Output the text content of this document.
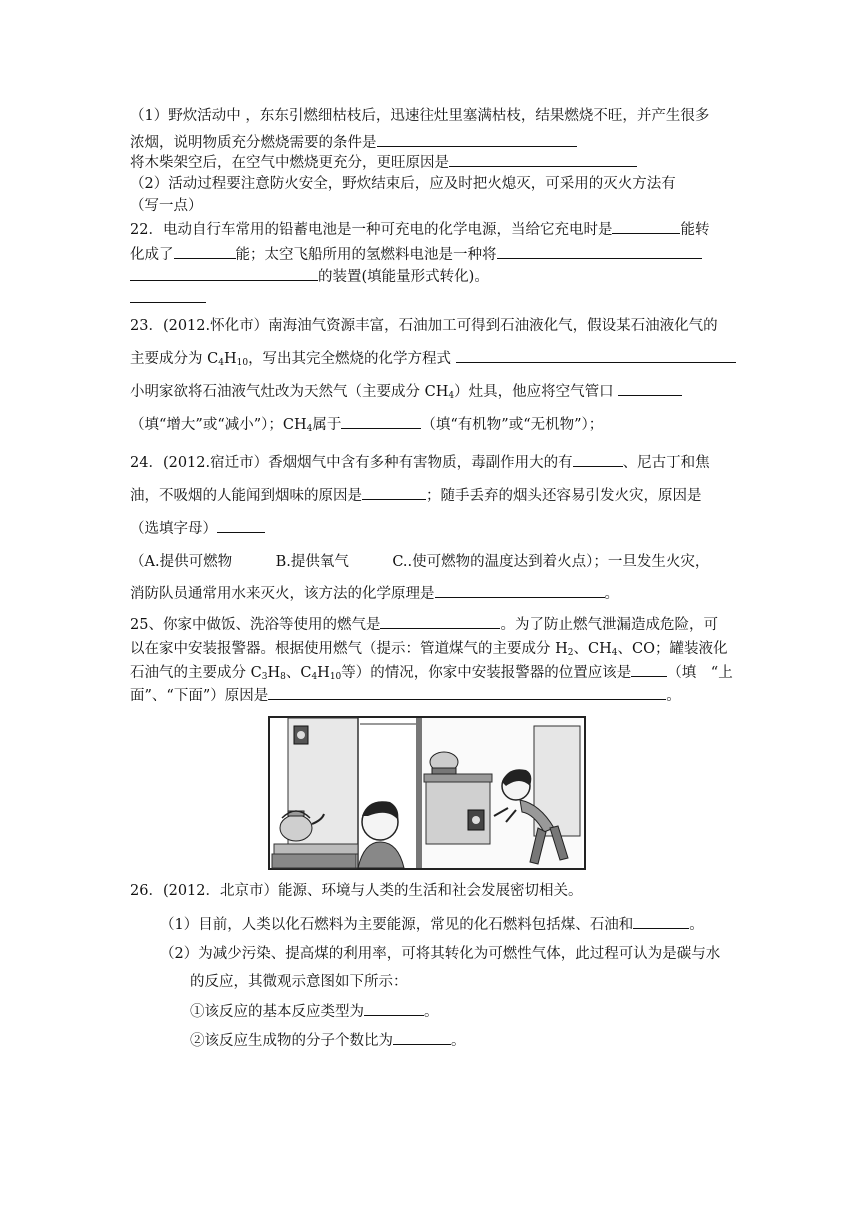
（1）野炊活动中 ，东东引燃细枯枝后，迅速往灶里塞满枯枝，结果燃烧不旺，并产生很多
浓烟，说明物质充分燃烧需要的条件是
将木柴架空后，在空气中燃烧更充分，更旺原因是
（2）活动过程要注意防火安全，野炊结束后，应及时把火熄灭，可采用的灭火方法有
（写一点）
22．电动自行车常用的铅蓄电池是一种可充电的化学电源，当给它充电时是	能转
化成了	能；太空飞船所用的氢燃料电池是一种将
的装置(填能量形式转化)。
23．(2012.怀化市）南海油气资源丰富，石油加工可得到石油液化气，假设某石油液化气的
主要成分为 $C_4H_{10}$，写出其完全燃烧的化学方程式
小明家欲将石油液气灶改为天然气（主要成分 $CH_4$）灶具，他应将空气管口
（填“增大”或“减小”）；$CH_4$属于	（填“有机物”或“无机物”）；
24．(2012.宿迁市）香烟烟气中含有多种有害物质，毒副作用大的有	、尼古丁和焦
油，不吸烟的人能闻到烟味的原因是	；随手丢弃的烟头还容易引发火灾，原因是
（选填字母）
（A.提供可燃物　　　B.提供氧气　　　C..使可燃物的温度达到着火点）；一旦发生火灾，
消防队员通常用水来灭火，该方法的化学原理是	。
25、你家中做饭、洗浴等使用的燃气是	。为了防止燃气泄漏造成危险，可
以在家中安装报警器。根据使用燃气（提示：管道煤气的主要成分 $H_2$、$CH_4$、CO；罐装液化
石油气的主要成分 $C_3H_8$、$C_4H_{10}$等）的情况，你家中安装报警器的位置应该是 （填　“上
面”、“下面”）原因是	。
26．(2012．北京市）能源、环境与人类的生活和社会发展密切相关。
（1）目前，人类以化石燃料为主要能源，常见的化石燃料包括煤、石油和	。
（2）为减少污染、提高煤的利用率，可将其转化为可燃性气体，此过程可认为是碳与水
的反应，其微观示意图如下所示：
①该反应的基本反应类型为	。
②该反应生成物的分子个数比为	。
